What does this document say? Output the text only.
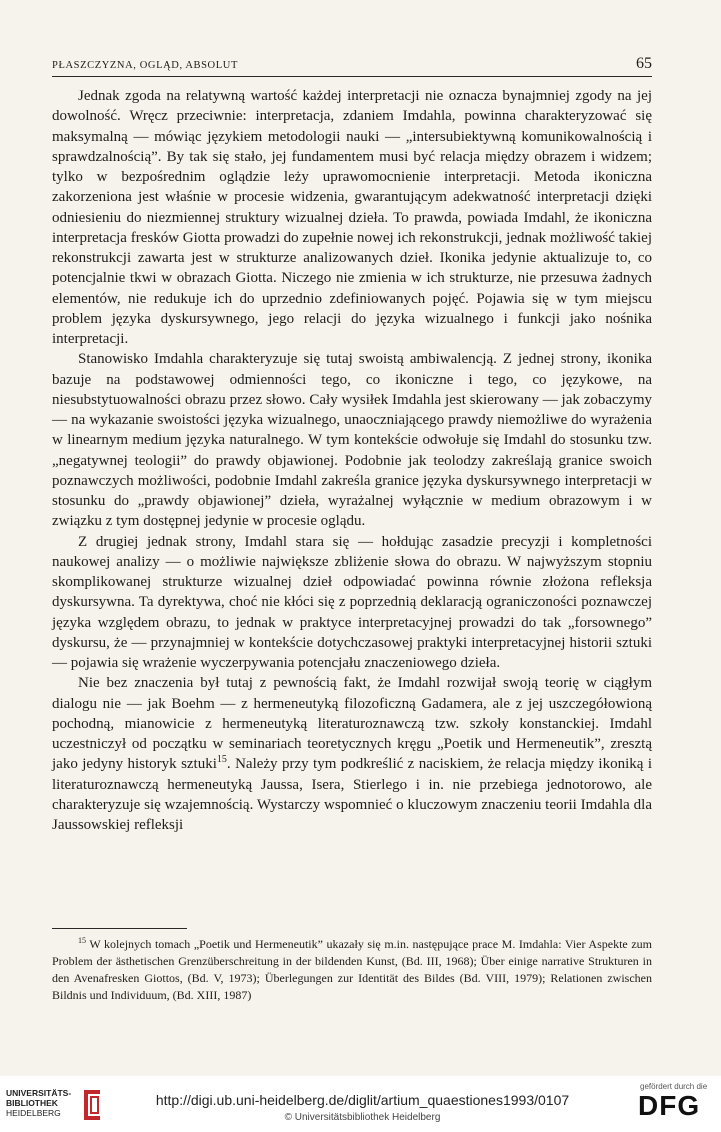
PŁASZCZYZNA, OGLĄD, ABSOLUT	65

Jednak zgoda na relatywną wartość każdej interpretacji nie oznacza bynajmniej zgody na jej dowolność. Wręcz przeciwnie: interpretacja, zdaniem Imdahla, powinna charakteryzować się maksymalną — mówiąc językiem metodologii nauki — „intersubiektywną komunikowalnością i sprawdzalnością”. By tak się stało, jej fundamentem musi być relacja między obrazem i widzem; tylko w bezpośrednim oglądzie leży uprawomocnienie interpretacji. Metoda ikoniczna zakorzeniona jest właśnie w procesie widzenia, gwarantującym adekwatność interpretacji dzięki odniesieniu do niezmiennej struktury wizualnej dzieła. To prawda, powiada Imdahl, że ikoniczna interpretacja fresków Giotta prowadzi do zupełnie nowej ich rekonstrukcji, jednak możliwość takiej rekonstrukcji zawarta jest w strukturze analizowanych dzieł. Ikonika jedynie aktualizuje to, co potencjalnie tkwi w obrazach Giotta. Niczego nie zmienia w ich strukturze, nie przesuwa żadnych elementów, nie redukuje ich do uprzednio zdefiniowanych pojęć. Pojawia się w tym miejscu problem języka dyskursywnego, jego relacji do języka wizualnego i funkcji jako nośnika interpretacji.

Stanowisko Imdahla charakteryzuje się tutaj swoistą ambiwalencją. Z jednej strony, ikonika bazuje na podstawowej odmienności tego, co ikoniczne i tego, co językowe, na niesubstytuowalności obrazu przez słowo. Cały wysiłek Imdahla jest skierowany — jak zobaczymy — na wykazanie swoistości języka wizualnego, unaoczniającego prawdy niemożliwe do wyrażenia w linearnym medium języka naturalnego. W tym kontekście odwołuje się Imdahl do stosunku tzw. „negatywnej teologii” do prawdy objawionej. Podobnie jak teolodzy zakreślają granice swoich poznawczych możliwości, podobnie Imdahl zakreśla granice języka dyskursywnego interpretacji w stosunku do „prawdy objawionej” dzieła, wyrażalnej wyłącznie w medium obrazowym i w związku z tym dostępnej jedynie w procesie oglądu.

Z drugiej jednak strony, Imdahl stara się — hołdując zasadzie precyzji i kompletności naukowej analizy — o możliwie największe zbliżenie słowa do obrazu. W najwyższym stopniu skomplikowanej strukturze wizualnej dzieł odpowiadać powinna równie złożona refleksja dyskursywna. Ta dyrektywa, choć nie kłóci się z poprzednią deklaracją ograniczoności poznawczej języka względem obrazu, to jednak w praktyce interpretacyjnej prowadzi do tak „forsownego” dyskursu, że — przynajmniej w kontekście dotychczasowej praktyki interpretacyjnej historii sztuki — pojawia się wrażenie wyczerpywania potencjału znaczeniowego dzieła.

Nie bez znaczenia był tutaj z pewnością fakt, że Imdahl rozwijał swoją teorię w ciągłym dialogu nie — jak Boehm — z hermeneutyką filozoficzną Gadamera, ale z jej uszczegółowioną pochodną, mianowicie z hermeneutyką literaturoznawczą tzw. szkoły konstanckiej. Imdahl uczestniczył od początku w seminariach teoretycznych kręgu „Poetik und Hermeneutik”, zresztą jako jedyny historyk sztuki$^{15}$. Należy przy tym podkreślić z naciskiem, że relacja między ikoniką i literaturoznawczą hermeneutyką Jaussa, Isera, Stierlego i in. nie przebiega jednotorowo, ale charakteryzuje się wzajemnością. Wystarczy wspomnieć o kluczowym znaczeniu teorii Imdahla dla Jaussowskiej refleksji

$^{15}$ W kolejnych tomach „Poetik und Hermeneutik” ukazały się m.in. następujące prace M. Imdahla: Vier Aspekte zum Problem der ästhetischen Grenzüberschreitung in der bildenden Kunst, (Bd. III, 1968); Über einige narrative Strukturen in den Avenafresken Giottos, (Bd. V, 1973); Überlegungen zur Identität des Bildes (Bd. VIII, 1979); Relationen zwischen Bildnis und Individuum, (Bd. XIII, 1987)
UNIVERSITÄTS-
BIBLIOTHEK
HEIDELBERG
http://digi.ub.uni-heidelberg.de/diglit/artium_quaestiones1993/0107
© Universitätsbibliothek Heidelberg
gefördert durch die
DFG
